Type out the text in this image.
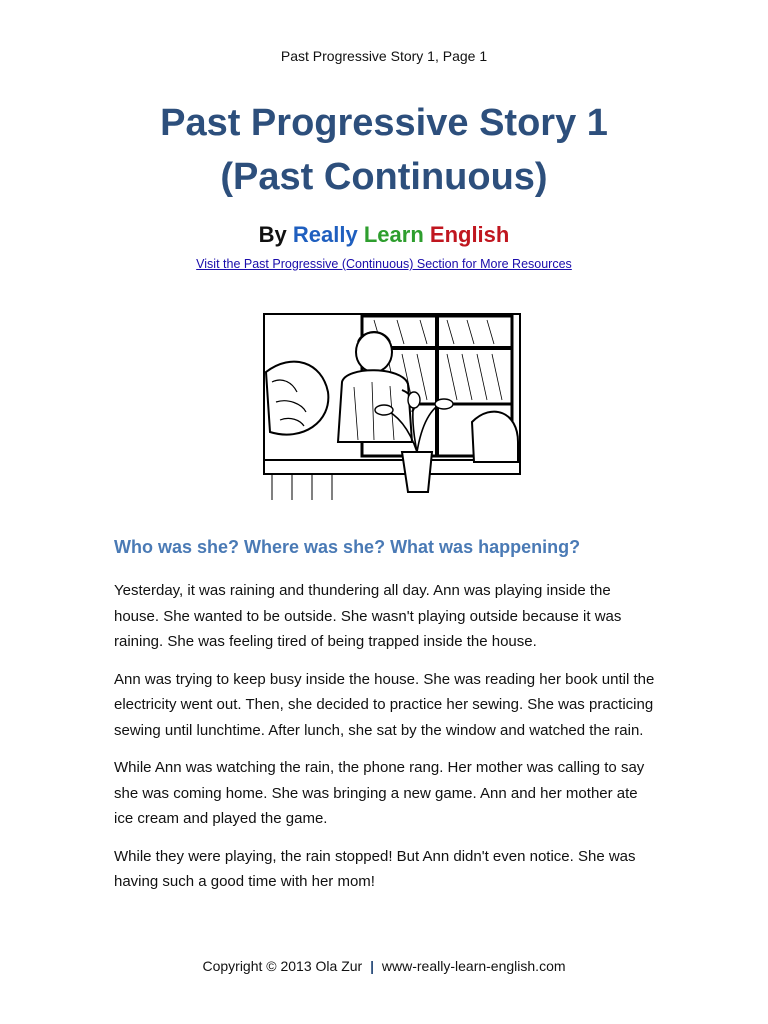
Past Progressive Story 1, Page 1
Past Progressive Story 1
(Past Continuous)
By Really Learn English
Visit the Past Progressive (Continuous) Section for More Resources
Who was she? Where was she? What was happening?

Yesterday, it was raining and thundering all day. Ann was playing inside the house. She wanted to be outside. She wasn't playing outside because it was raining. She was feeling tired of being trapped inside the house.

Ann was trying to keep busy inside the house. She was reading her book until the electricity went out. Then, she decided to practice her sewing. She was practicing sewing until lunchtime. After lunch, she sat by the window and watched the rain.

While Ann was watching the rain, the phone rang. Her mother was calling to say she was coming home. She was bringing a new game. Ann and her mother ate ice cream and played the game.

While they were playing, the rain stopped! But Ann didn't even notice. She was having such a good time with her mom!

Copyright © 2013 Ola Zur | www-really-learn-english.com
